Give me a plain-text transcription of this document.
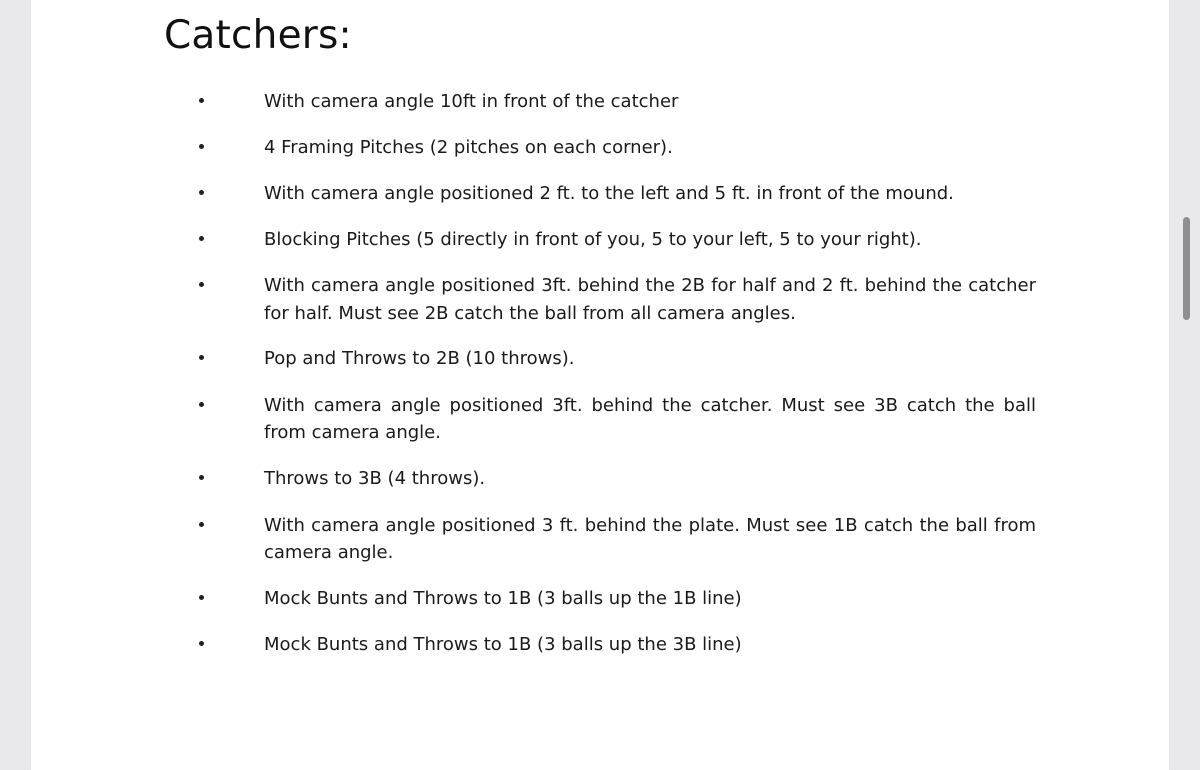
Catchers:
With camera angle 10ft in front of the catcher
4 Framing Pitches (2 pitches on each corner).
With camera angle positioned 2 ft. to the left and 5 ft. in front of the mound.
Blocking Pitches (5 directly in front of you, 5 to your left, 5 to your right).
With camera angle positioned 3ft. behind the 2B for half and 2 ft. behind the catcher for half. Must see 2B catch the ball from all camera angles.
Pop and Throws to 2B (10 throws).
With camera angle positioned 3ft. behind the catcher. Must see 3B catch the ball from camera angle.
Throws to 3B (4 throws).
With camera angle positioned 3 ft. behind the plate. Must see 1B catch the ball from camera angle.
Mock Bunts and Throws to 1B (3 balls up the 1B line)
Mock Bunts and Throws to 1B (3 balls up the 3B line)
